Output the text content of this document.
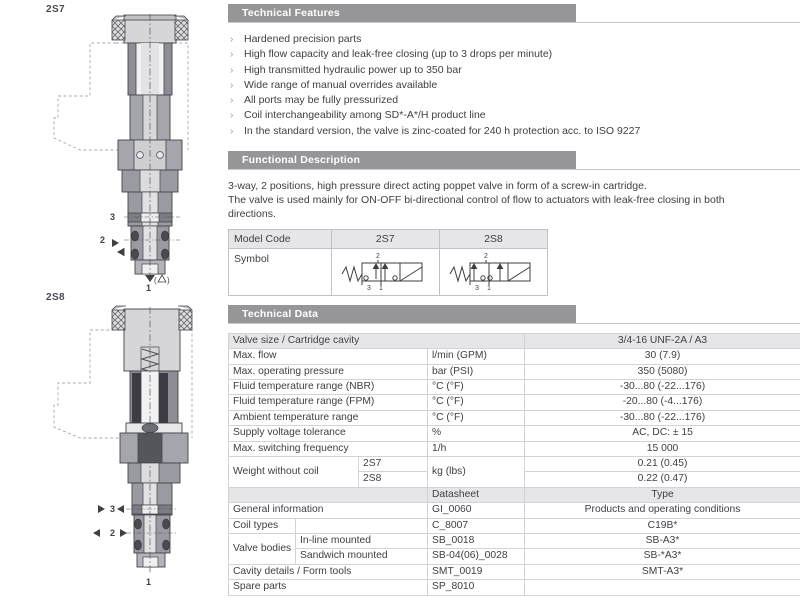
2S7
2S8
3
2
1
( )
3
2
1
Technical Features
› Hardened precision parts
› High flow capacity and leak-free closing (up to 3 drops per minute)
› High transmitted hydraulic power up to 350 bar
› Wide range of manual overrides available
› All ports may be fully pressurized
› Coil interchangeability among SD*-A*/H product line
› In the standard version, the valve is zinc-coated for 240 h protection acc. to ISO 9227
Functional Description

3-way, 2 positions, high pressure direct acting poppet valve in form of a screw-in cartridge.

The valve is used mainly for ON-OFF bi-directional control of flow to actuators with leak-free closing in both

directions.

Model Code	2S7	2S8
Symbol	2
3 1	2
3 1
Technical Data
Valve size / Cartridge cavity				3/4-16 UNF-2A / A3
Max. flow			l/min (GPM)	30 (7.9)
Max. operating pressure			bar (PSI)	350 (5080)
Fluid temperature range (NBR)			°C (°F)	-30...80 (-22...176)
Fluid temperature range (FPM)			°C (°F)	-20...80 (-4...176)
Ambient temperature range			°C (°F)	-30...80 (-22...176)
Supply voltage tolerance			%	AC, DC: ± 15
Max. switching frequency			1/h	15 000
Weight without coil		2S7	kg (lbs)	0.21 (0.45)
		2S8		0.22 (0.47)
			Datasheet	Type
General information			GI_0060	Products and operating conditions
Coil types			C_8007	C19B*
Valve bodies	In-line mounted		SB_0018	SB-A3*
	Sandwich mounted		SB-04(06)_0028	SB-*A3*
Cavity details / Form tools			SMT_0019	SMT-A3*
Spare parts			SP_8010	
